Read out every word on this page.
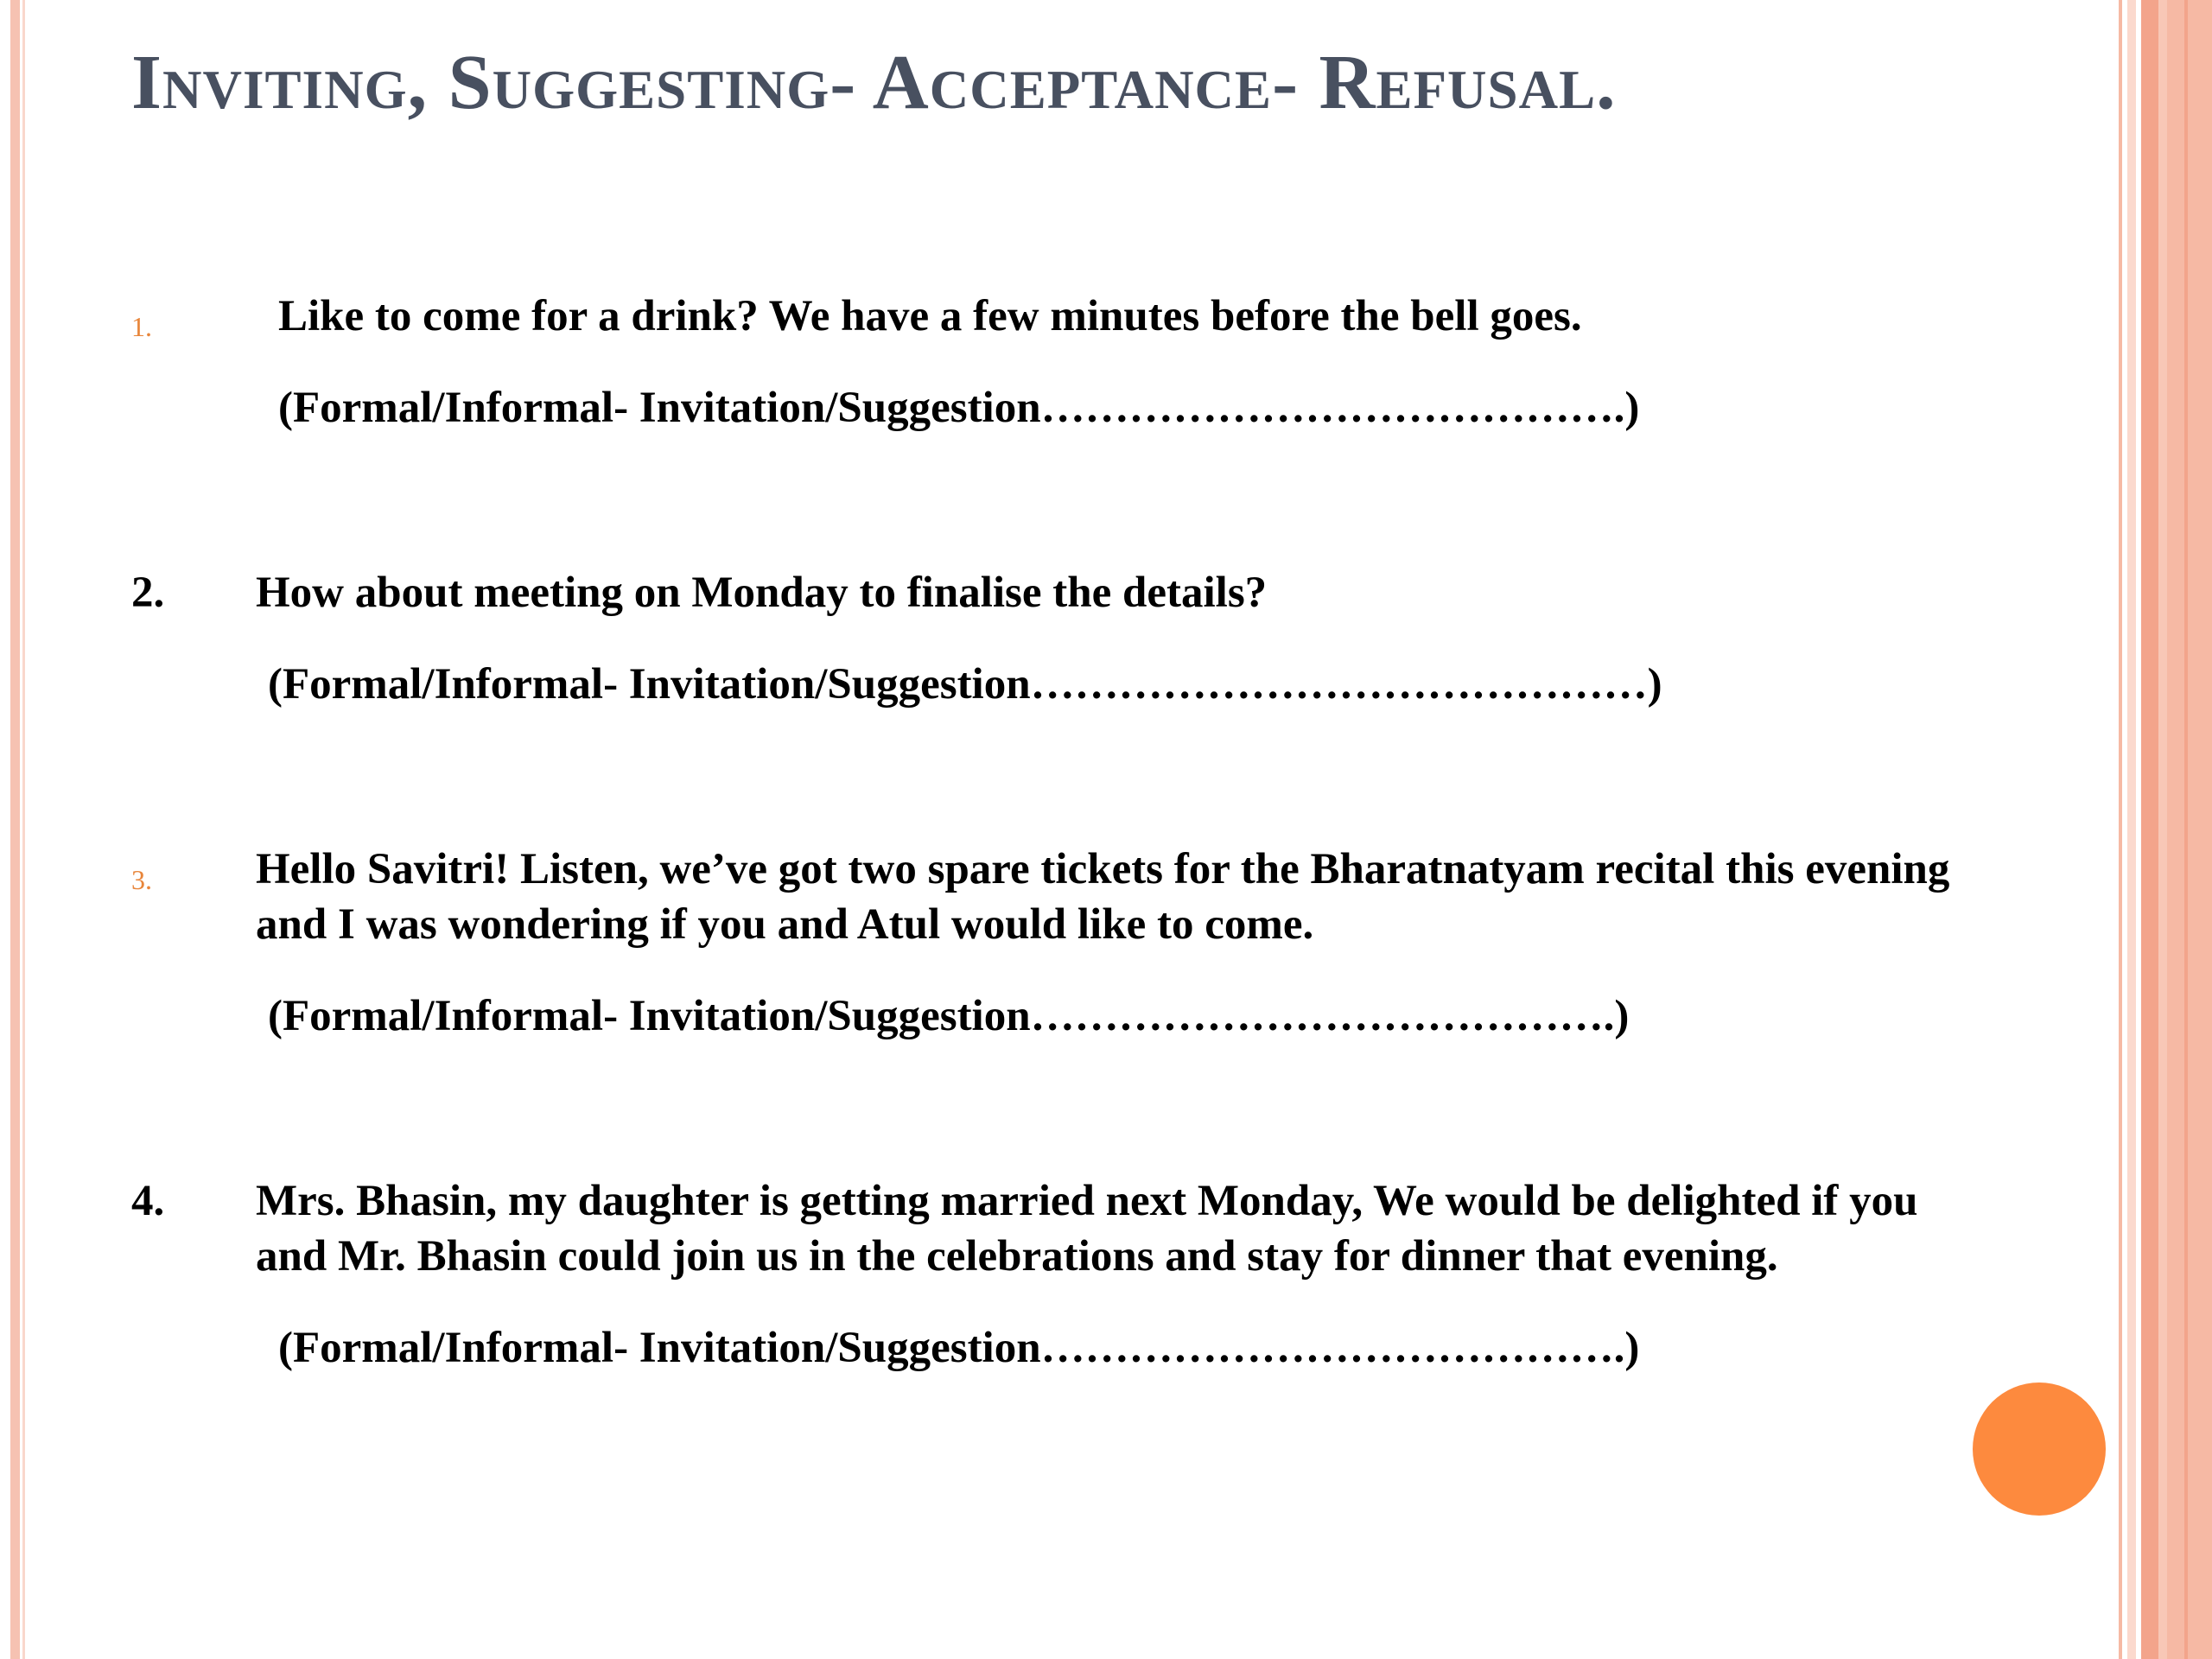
Inviting, Suggesting- Acceptance- Refusal.
1.	Like to come for a drink? We have a few minutes before the bell goes.
(Formal/Informal- Invitation/Suggestion………………………………….)
2. How about meeting on Monday to finalise the details?
(Formal/Informal- Invitation/Suggestion……………………………………)
3. Hello Savitri! Listen, we’ve got two spare tickets for the Bharatnatyam recital this evening
and I was wondering if you and Atul would like to come.
(Formal/Informal- Invitation/Suggestion………………………………….)
4. Mrs. Bhasin, my daughter is getting married next Monday, We would be delighted if you
and Mr. Bhasin could join us in the celebrations and stay for dinner that evening.
(Formal/Informal- Invitation/Suggestion………………………………….)
